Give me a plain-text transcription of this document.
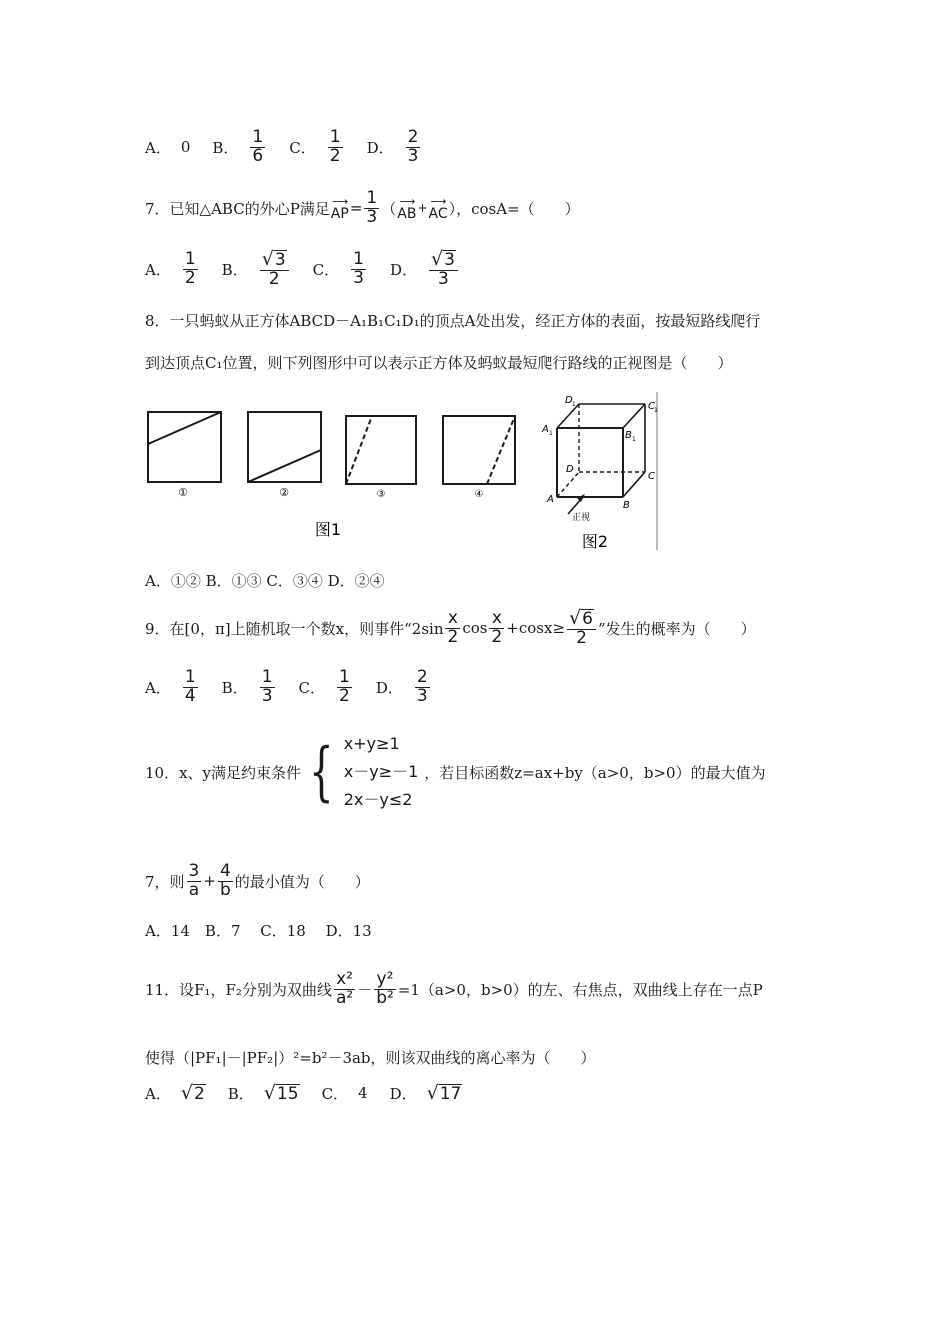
A． 0 B． $\frac{1}{6}$ C． $\frac{1}{2}$ D． $\frac{2}{3}$
7．已知△ABC的外心P满足 ⟶
AP = $\frac{1}{3}$ （ ⟶
AB + ⟶
AC ），cosA=（　　）
A． $\frac{1}{2}$ B． $\frac{√ 3}{2}$ C． $\frac{1}{3}$ D． $\frac{√ 3}{3}$
8．一只蚂蚁从正方体ABCD－A₁B₁C₁D₁的顶点A处出发，经正方体的表面，按最短路线爬行
到达顶点C₁位置，则下列图形中可以表示正方体及蚂蚁最短爬行路线的正视图是（　　）
①	②	③	④
图1
D
C
A
B
1
1
1
1
D
C
A
B
正视
图2
A．①② B．①③ C．③④ D．②④
9．在[0，π]上随机取一个数x，则事件“$2\sin \frac{x}{2}$ $\cos \frac{x}{2} +\cos x\ge \frac{√ 6}{2}$ ”发生的概率为（　　）
A． $\frac{1}{4}$ B． $\frac{1}{3}$ C． $\frac{1}{2}$ D． $\frac{2}{3}$
10．x、y满足约束条件 { x+y≥1
x－y≥－1
2x－y≤2
，若目标函数z=ax+by（a>0，b>0）的最大值为
7，则 $\frac{3}{a} + \frac{4}{b}$ 的最小值为（　　）
A．14　B．7　 C．18　 D．13
11．设F₁，F₂分别为双曲线 $\frac{\text{x²}}{\text{a²}} - \frac{\text{y²}}{\text{b²}} =1(a>0$，b>0）的左、右焦点，双曲线上存在一点P
使得（|PF₁|－|PF₂|）²=b²－3ab，则该双曲线的离心率为（　　）
A． √ 2 B． √ 15 C． 4 D． √ 17
